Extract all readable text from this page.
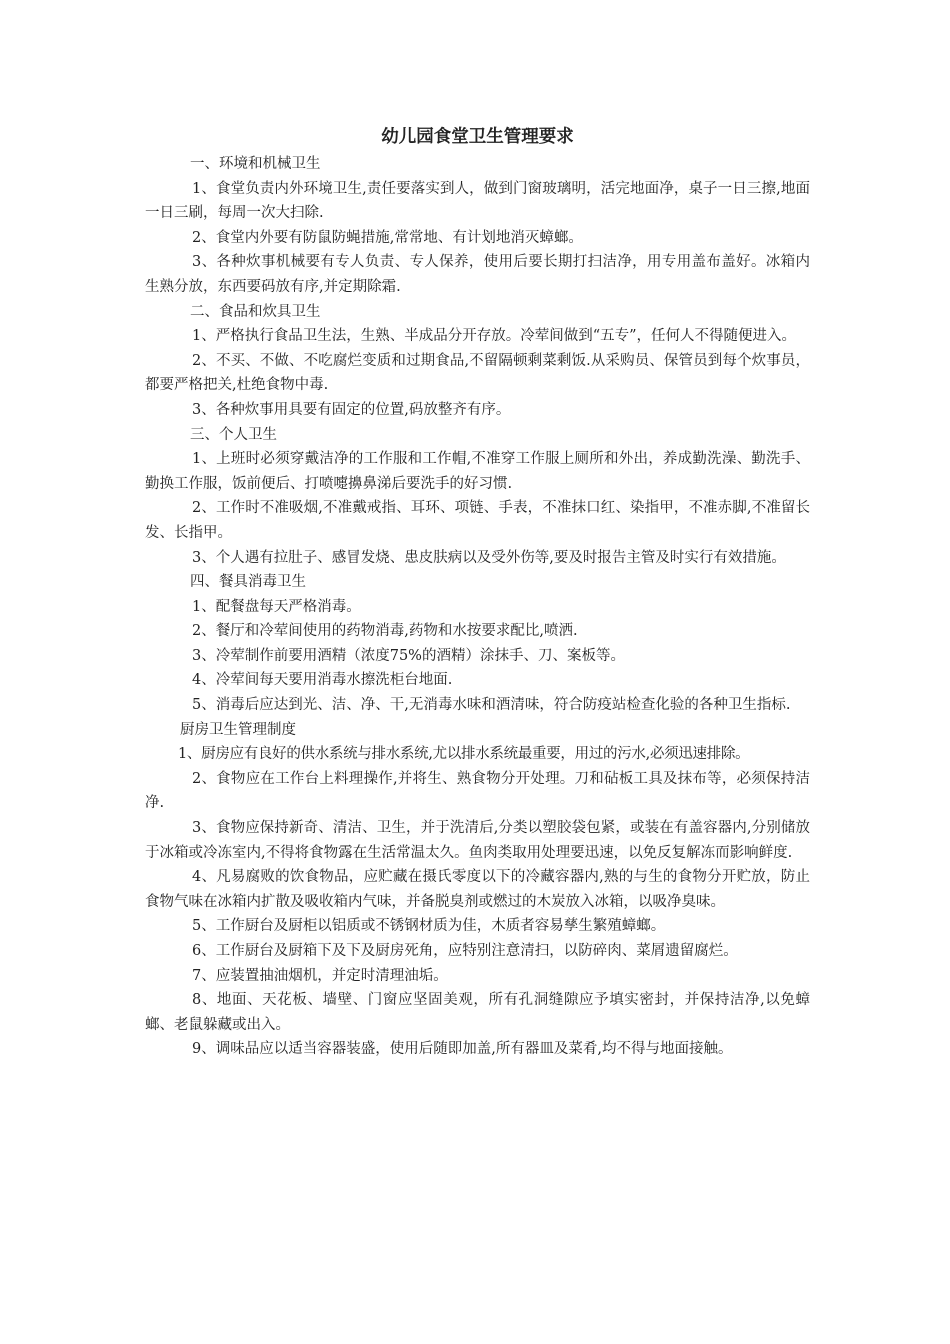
幼儿园食堂卫生管理要求

一、环境和机械卫生

1、食堂负责内外环境卫生,责任要落实到人，做到门窗玻璃明，活完地面净，桌子一日三擦,地面一日三刷，每周一次大扫除.

2、食堂内外要有防鼠防蝇措施,常常地、有计划地消灭蟑螂。

3、各种炊事机械要有专人负责、专人保养，使用后要长期打扫洁净，用专用盖布盖好。冰箱内生熟分放，东西要码放有序,并定期除霜.

二、食品和炊具卫生

1、严格执行食品卫生法，生熟、半成品分开存放。冷荤间做到“五专”，任何人不得随便进入。

2、不买、不做、不吃腐烂变质和过期食品,不留隔顿剩菜剩饭.从采购员、保管员到每个炊事员，都要严格把关,杜绝食物中毒.

3、各种炊事用具要有固定的位置,码放整齐有序。

三、个人卫生

1、上班时必须穿戴洁净的工作服和工作帽,不准穿工作服上厕所和外出，养成勤洗澡、勤洗手、勤换工作服，饭前便后、打喷嚏擤鼻涕后要洗手的好习惯.

2、工作时不准吸烟,不准戴戒指、耳环、项链、手表，不准抹口红、染指甲，不准赤脚,不准留长发、长指甲。

3、个人遇有拉肚子、感冒发烧、患皮肤病以及受外伤等,要及时报告主管及时实行有效措施。

四、餐具消毒卫生

1、配餐盘每天严格消毒。

2、餐厅和冷荤间使用的药物消毒,药物和水按要求配比,喷洒.

3、冷荤制作前要用酒精（浓度75%的酒精）涂抹手、刀、案板等。

4、冷荤间每天要用消毒水擦洗柜台地面.

5、消毒后应达到光、洁、净、干,无消毒水味和酒清味，符合防疫站检查化验的各种卫生指标.

厨房卫生管理制度

1、厨房应有良好的供水系统与排水系统,尤以排水系统最重要，用过的污水,必须迅速排除。

2、食物应在工作台上料理操作,并将生、熟食物分开处理。刀和砧板工具及抹布等，必须保持洁净.

3、食物应保持新奇、清洁、卫生，并于洗清后,分类以塑胶袋包紧，或装在有盖容器内,分别储放于冰箱或冷冻室内,不得将食物露在生活常温太久。鱼肉类取用处理要迅速，以免反复解冻而影响鲜度.

4、凡易腐败的饮食物品，应贮藏在摄氏零度以下的冷藏容器内,熟的与生的食物分开贮放，防止食物气味在冰箱内扩散及吸收箱内气味，并备脱臭剂或燃过的木炭放入冰箱，以吸净臭味。

5、工作厨台及厨柜以铝质或不锈钢材质为佳，木质者容易孳生繁殖蟑螂。

6、工作厨台及厨箱下及下及厨房死角，应特别注意清扫，以防碎肉、菜屑遗留腐烂。

7、应装置抽油烟机，并定时清理油垢。

8、地面、天花板、墙壁、门窗应坚固美观，所有孔洞缝隙应予填实密封，并保持洁净,以免蟑螂、老鼠躲藏或出入。

9、调味品应以适当容器装盛，使用后随即加盖,所有器皿及菜肴,均不得与地面接触。
